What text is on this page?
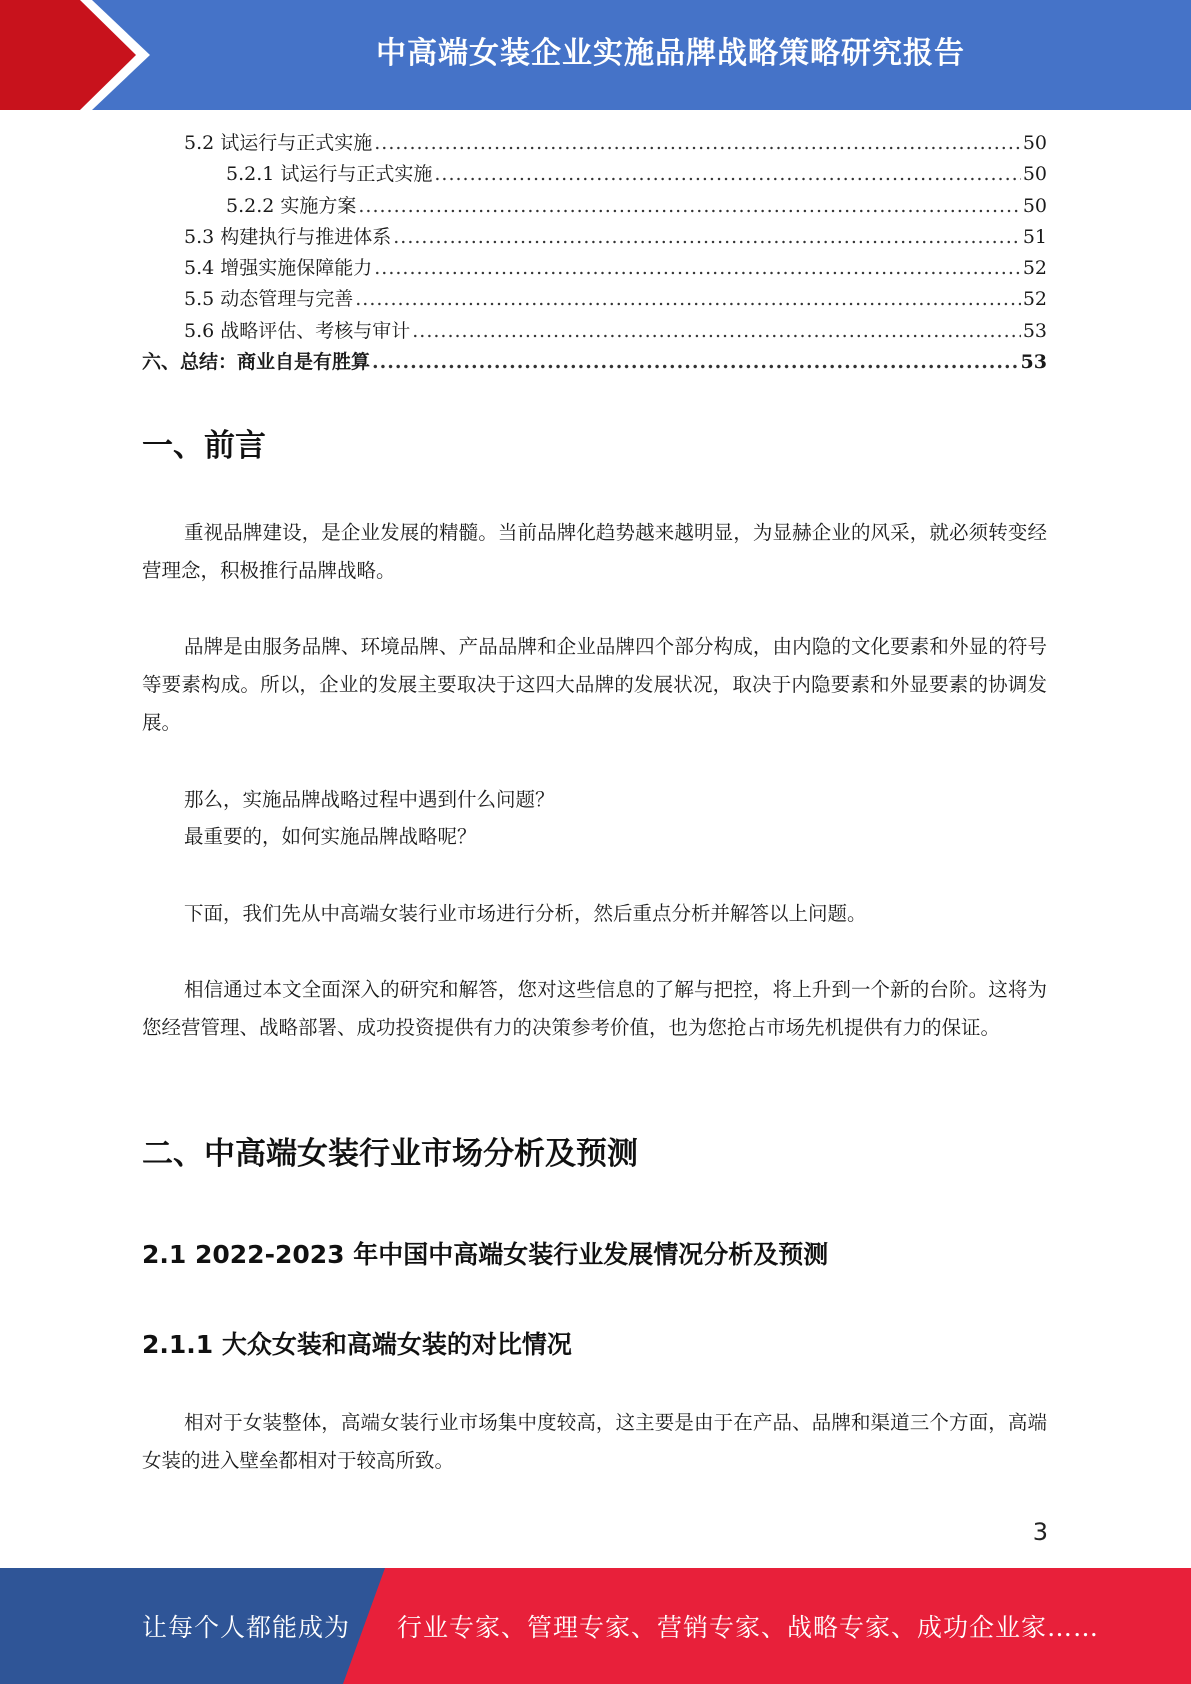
中高端女装企业实施品牌战略策略研究报告
5.2 试运行与正式实施 .....	50
5.2.1 试运行与正式实施 .....	50
5.2.2 实施方案 .....	50
5.3 构建执行与推进体系 .....	51
5.4 增强实施保障能力 .....	52
5.5 动态管理与完善 .....	52
5.6 战略评估、考核与审计 .....	53
六、总结：商业自是有胜算 .....	53
一、前言
重视品牌建设，是企业发展的精髓。当前品牌化趋势越来越明显，为显赫企业的风采，就必须转变经营理念，积极推行品牌战略。
品牌是由服务品牌、环境品牌、产品品牌和企业品牌四个部分构成，由内隐的文化要素和外显的符号等要素构成。所以，企业的发展主要取决于这四大品牌的发展状况，取决于内隐要素和外显要素的协调发展。
那么，实施品牌战略过程中遇到什么问题？
最重要的，如何实施品牌战略呢？
下面，我们先从中高端女装行业市场进行分析，然后重点分析并解答以上问题。
相信通过本文全面深入的研究和解答，您对这些信息的了解与把控，将上升到一个新的台阶。这将为您经营管理、战略部署、成功投资提供有力的决策参考价值，也为您抢占市场先机提供有力的保证。
二、中高端女装行业市场分析及预测
2.1 2022-2023 年中国中高端女装行业发展情况分析及预测
2.1.1 大众女装和高端女装的对比情况
相对于女装整体，高端女装行业市场集中度较高，这主要是由于在产品、品牌和渠道三个方面，高端女装的进入壁垒都相对于较高所致。
3
让每个人都能成为 行业专家、管理专家、营销专家、战略专家、成功企业家……
